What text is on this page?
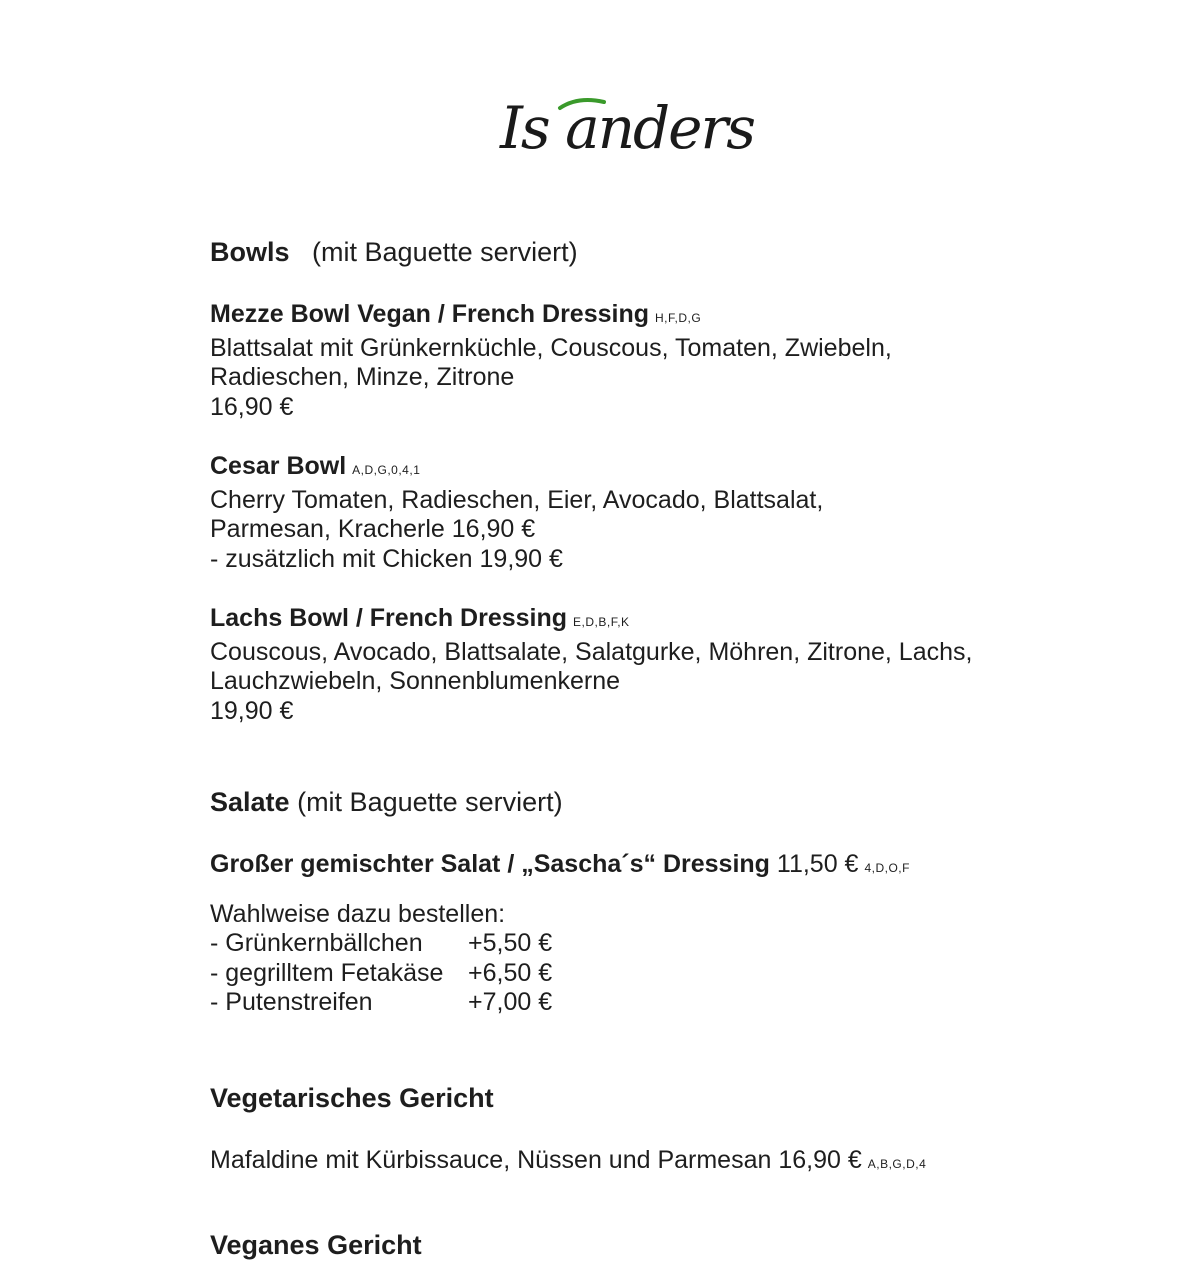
Is anders
Bowls (mit Baguette serviert)
Mezze Bowl Vegan / French Dressing H,F,D,G
Blattsalat mit Grünkernküchle, Couscous, Tomaten, Zwiebeln,
Radieschen, Minze, Zitrone
16,90 €
Cesar Bowl A,D,G,0,4,1
Cherry Tomaten, Radieschen, Eier, Avocado, Blattsalat,
Parmesan, Kracherle 16,90 €
- zusätzlich mit Chicken 19,90 €
Lachs Bowl / French Dressing E,D,B,F,K
Couscous, Avocado, Blattsalate, Salatgurke, Möhren, Zitrone, Lachs,
Lauchzwiebeln, Sonnenblumenkerne
19,90 €
Salate (mit Baguette serviert)
Großer gemischter Salat / „Sascha´s“ Dressing 11,50 € 4,D,O,F
Wahlweise dazu bestellen:
- Grünkernbällchen	+5,50 €
- gegrilltem Fetakäse +6,50 €
- Putenstreifen	+7,00 €
Vegetarisches Gericht
Mafaldine mit Kürbissauce, Nüssen und Parmesan 16,90 € A,B,G,D,4
Veganes Gericht
